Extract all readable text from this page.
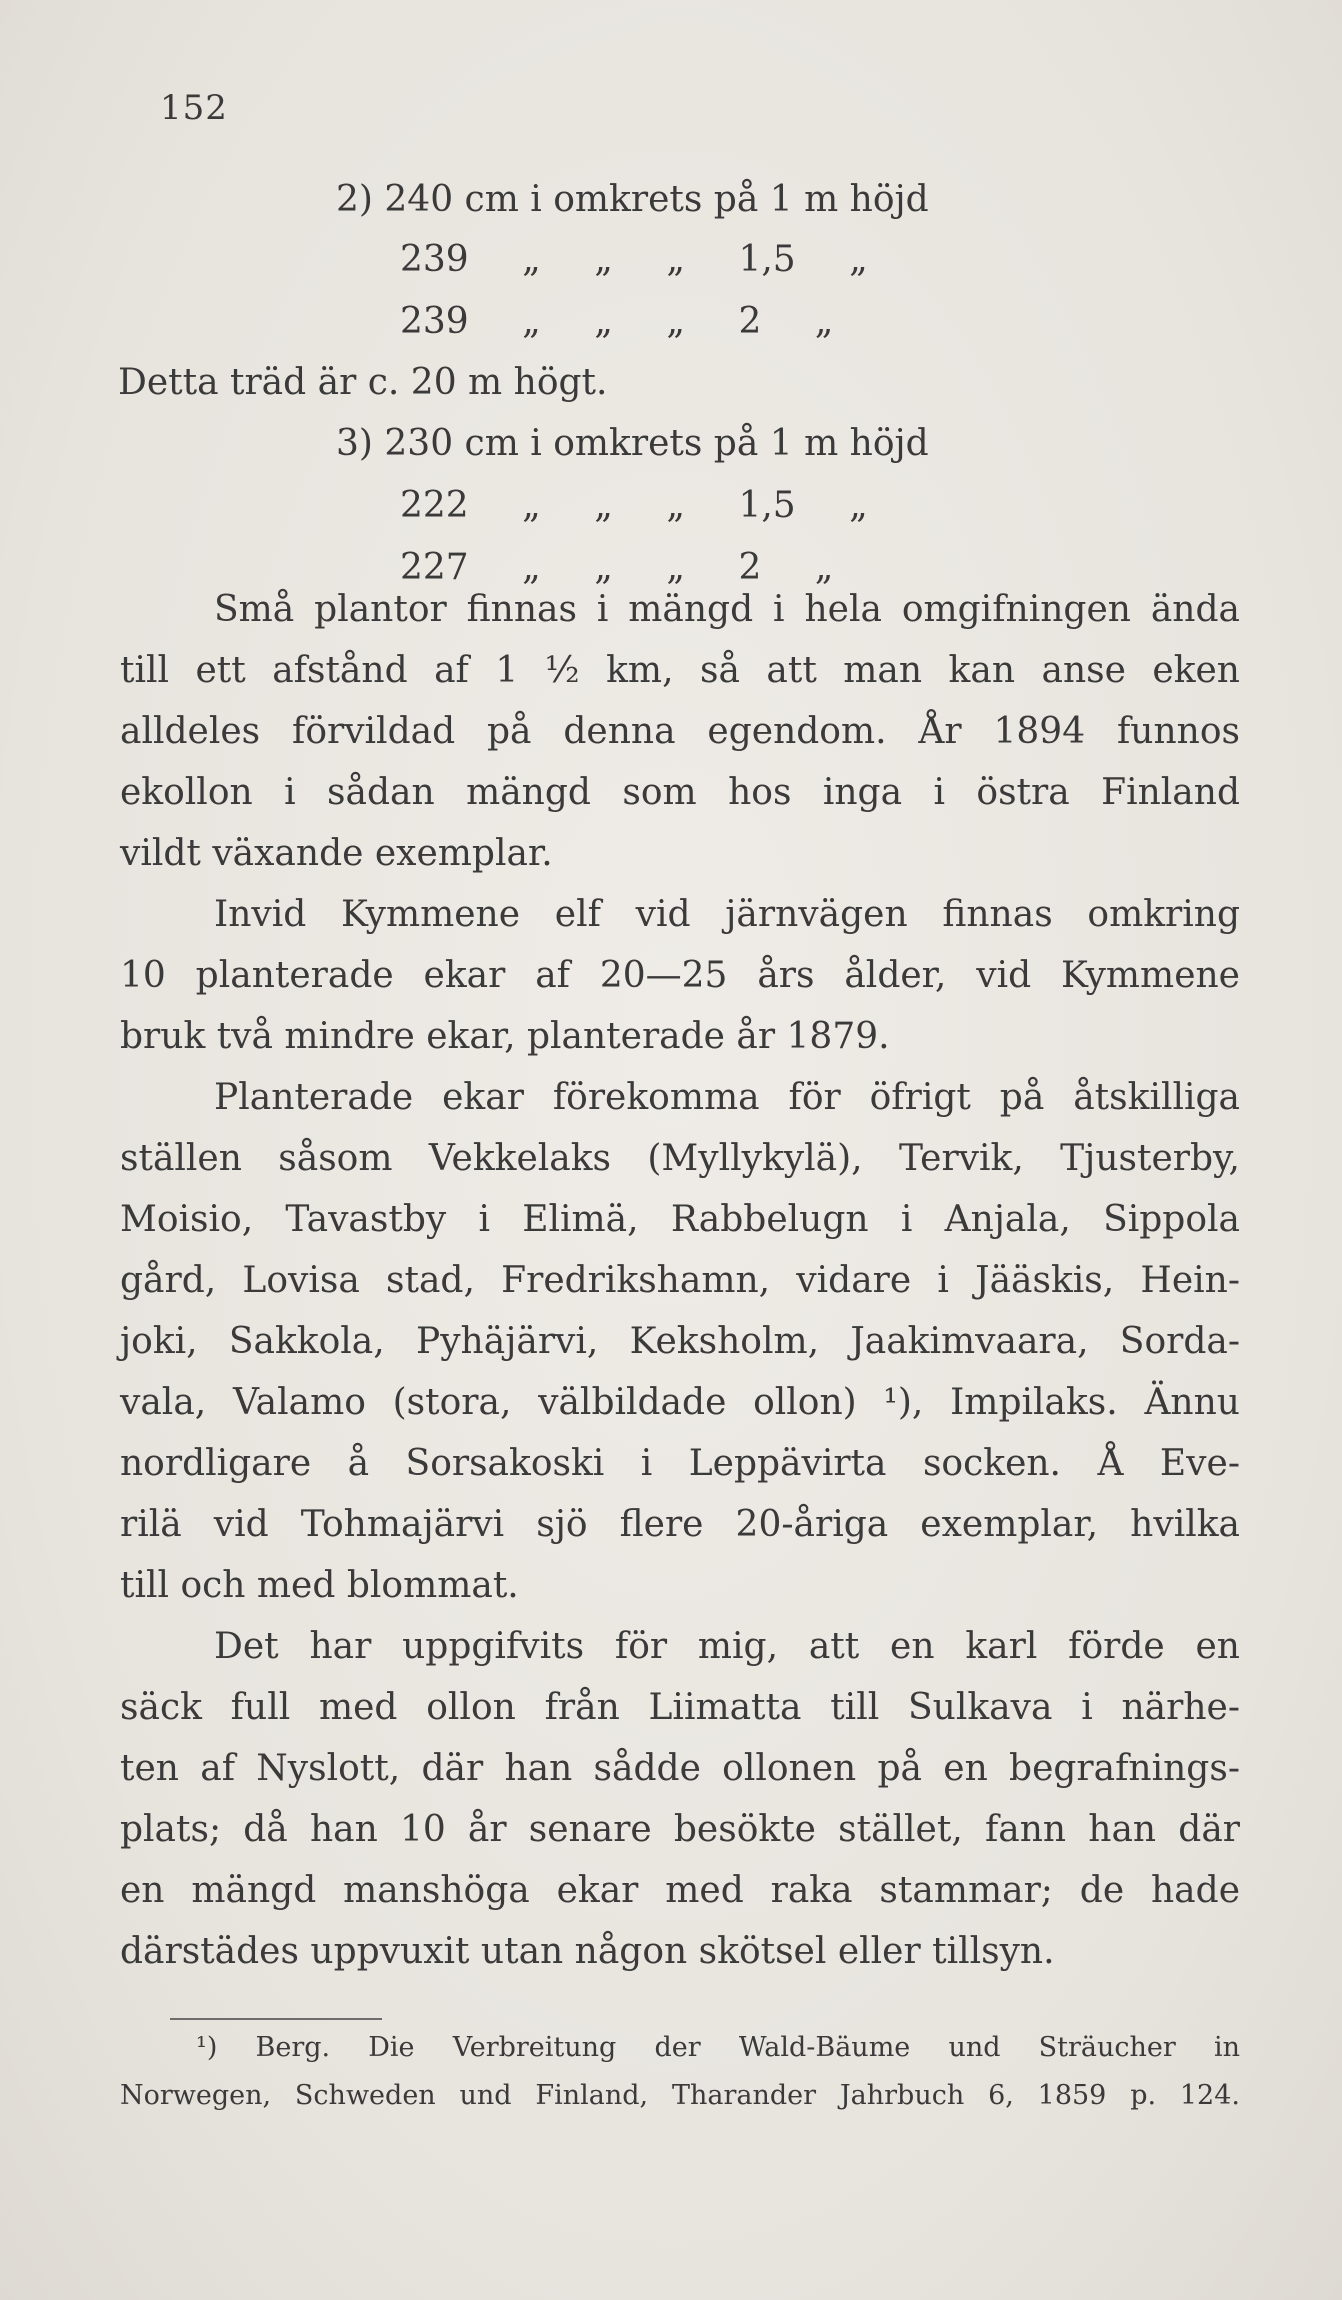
152
2) 240 cm i omkrets på 1 m höjd
239 „ „ „ 1,5 „
239 „ „ „ 2 „
Detta träd är c. 20 m högt.
3) 230 cm i omkrets på 1 m höjd
222 „ „ „ 1,5 „
227 „ „ „ 2 „
Små plantor finnas i mängd i hela omgifningen ända
till ett afstånd af 1 ½ km, så att man kan anse eken
alldeles förvildad på denna egendom. År 1894 funnos
ekollon i sådan mängd som hos inga i östra Finland
vildt växande exemplar.
Invid Kymmene elf vid järnvägen finnas omkring
10 planterade ekar af 20—25 års ålder, vid Kymmene
bruk två mindre ekar, planterade år 1879.
Planterade ekar förekomma för öfrigt på åtskilliga
ställen såsom Vekkelaks (Myllykylä), Tervik, Tjusterby,
Moisio, Tavastby i Elimä, Rabbelugn i Anjala, Sippola
gård, Lovisa stad, Fredrikshamn, vidare i Jääskis, Hein-
joki, Sakkola, Pyhäjärvi, Keksholm, Jaakimvaara, Sorda-
vala, Valamo (stora, välbildade ollon) ¹), Impilaks. Ännu
nordligare å Sorsakoski i Leppävirta socken. Å Eve-
rilä vid Tohmajärvi sjö flere 20-åriga exemplar, hvilka
till och med blommat.
Det har uppgifvits för mig, att en karl förde en
säck full med ollon från Liimatta till Sulkava i närhe-
ten af Nyslott, där han sådde ollonen på en begrafnings-
plats; då han 10 år senare besökte stället, fann han där
en mängd manshöga ekar med raka stammar; de hade
därstädes uppvuxit utan någon skötsel eller tillsyn.
¹) Berg. Die Verbreitung der Wald-Bäume und Sträucher in
Norwegen, Schweden und Finland, Tharander Jahrbuch 6, 1859 p. 124.
